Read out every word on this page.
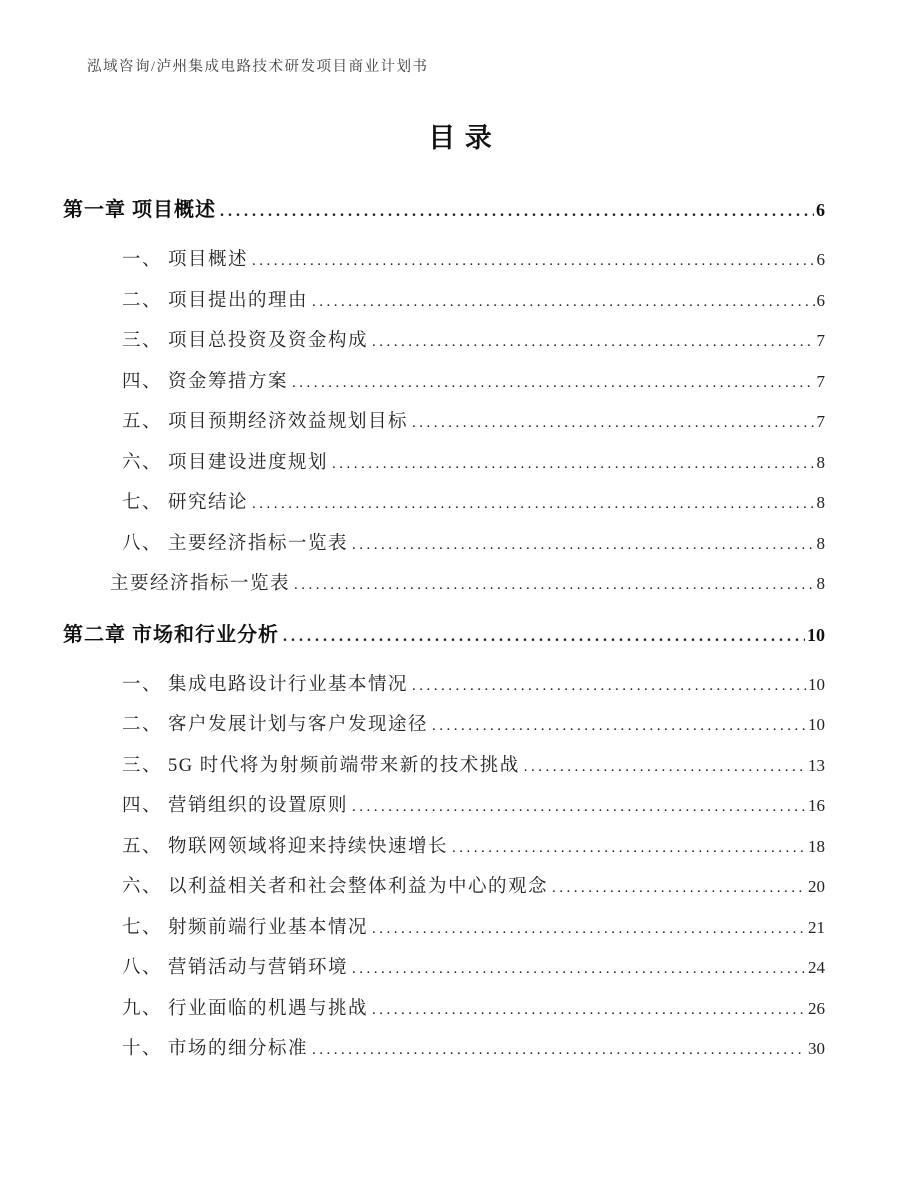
泓域咨询/泸州集成电路技术研发项目商业计划书
目录
第一章 项目概述 .....	6
一、 项目概述 .....	6
二、 项目提出的理由 .....	6
三、 项目总投资及资金构成 .....	7
四、 资金筹措方案 .....	7
五、 项目预期经济效益规划目标 .....	7
六、 项目建设进度规划 .....	8
七、 研究结论 .....	8
八、 主要经济指标一览表 .....	8
主要经济指标一览表 .....	8
第二章 市场和行业分析 .....	10
一、 集成电路设计行业基本情况 .....	10
二、 客户发展计划与客户发现途径 .....	10
三、 5G 时代将为射频前端带来新的技术挑战 .....	13
四、 营销组织的设置原则 .....	16
五、 物联网领域将迎来持续快速增长 .....	18
六、 以利益相关者和社会整体利益为中心的观念 .....	20
七、 射频前端行业基本情况 .....	21
八、 营销活动与营销环境 .....	24
九、 行业面临的机遇与挑战 .....	26
十、 市场的细分标准 .....	30
